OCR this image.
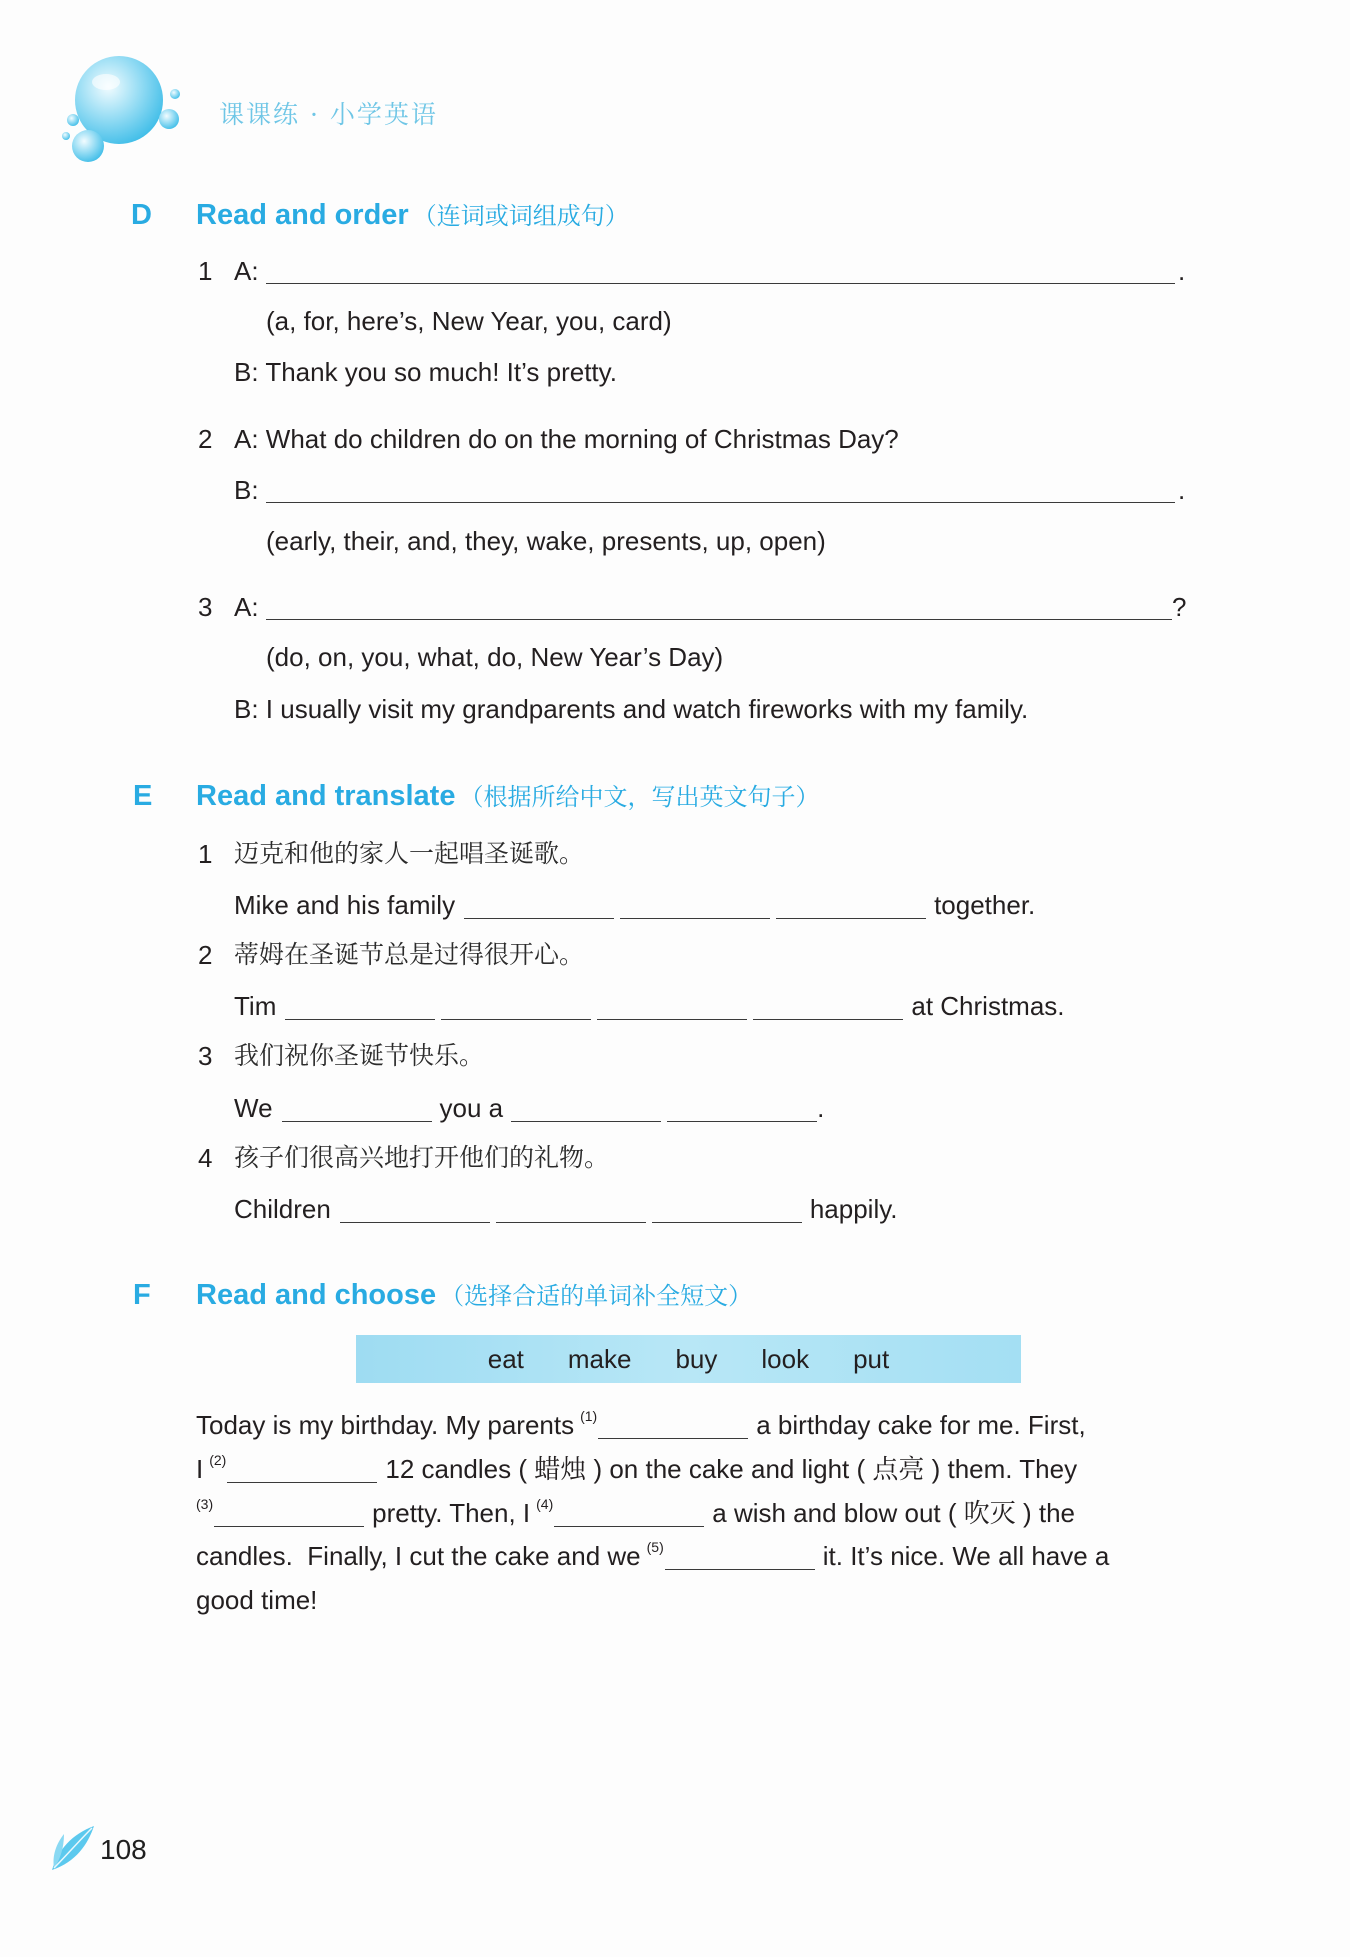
课课练 · 小学英语
D Read and order （连词或词组成句）
1 A:	.
(a, for, here’s, New Year, you, card)
B: Thank you so much! It’s pretty.
2 A: What do children do on the morning of Christmas Day?
B:	.
(early, their, and, they, wake, presents, up, open)
3 A:	?
(do, on, you, what, do, New Year’s Day)
B: I usually visit my grandparents and watch fireworks with my family.
E Read and translate （根据所给中文，写出英文句子）
1 迈克和他的家人一起唱圣诞歌。
Mike and his family	together.
2 蒂姆在圣诞节总是过得很开心。
Tim	at Christmas.
3 我们祝你圣诞节快乐。
We	you a	.
4 孩子们很高兴地打开他们的礼物。
Children	happily.
F Read and choose （选择合适的单词补全短文）
eat make buy look put
Today is my birthday. My parents (1)	a birthday cake for me. First,
I (2)	12 candles ( 蜡烛 ) on the cake and light ( 点亮 ) them. They
(3)	pretty. Then, I (4)	a wish and blow out ( 吹灭 ) the
candles.  Finally, I cut the cake and we (5)	it. It’s nice. We all have a
good time!
108
